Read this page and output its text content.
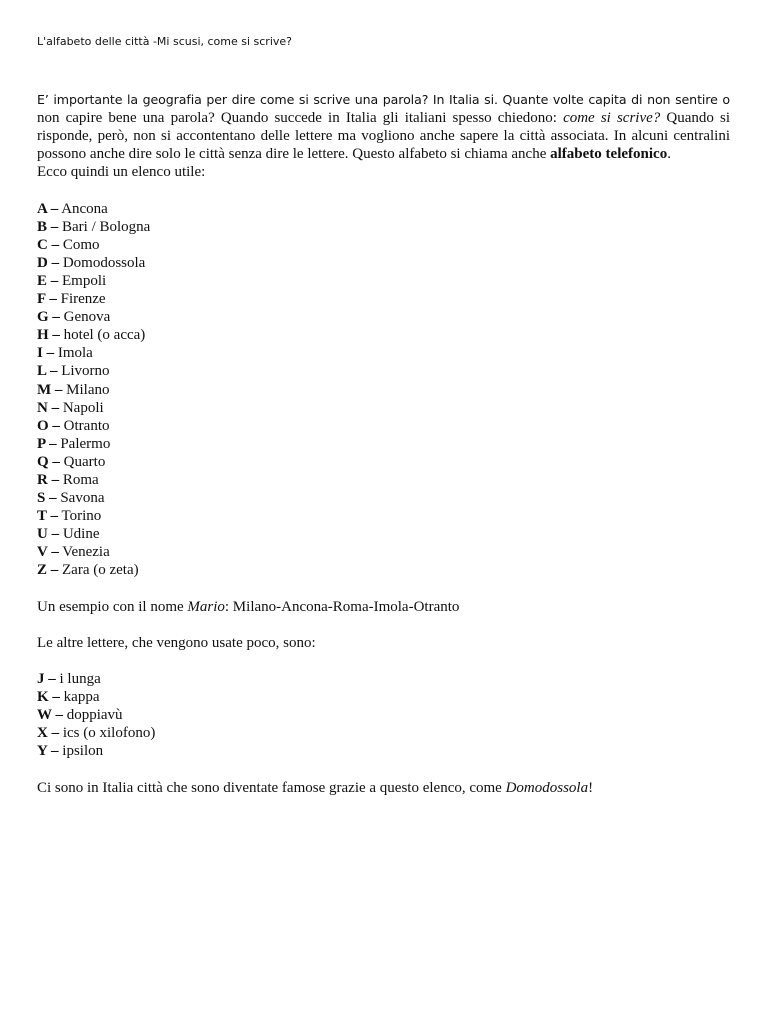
L'alfabeto delle città -Mi scusi, come si scrive?

E’ importante la geografia per dire come si scrive una parola? In Italia si. Quante volte capita di non sentire o non capire bene una parola? Quando succede in Italia gli italiani spesso chiedono: come si scrive? Quando si risponde, però, non si accontentano delle lettere ma vogliono anche sapere la città associata. In alcuni centralini possono anche dire solo le città senza dire le lettere. Questo alfabeto si chiama anche alfabeto telefonico.

Ecco quindi un elenco utile:

A – Ancona
B – Bari / Bologna
C – Como
D – Domodossola
E – Empoli
F – Firenze
G – Genova
H – hotel (o acca)
I – Imola
L – Livorno
M – Milano
N – Napoli
O – Otranto
P – Palermo
Q – Quarto
R – Roma
S – Savona
T – Torino
U – Udine
V – Venezia
Z – Zara (o zeta)

Un esempio con il nome Mario: Milano-Ancona-Roma-Imola-Otranto

Le altre lettere, che vengono usate poco, sono:

J – i lunga
K – kappa
W – doppiavù
X – ics (o xilofono)
Y – ipsilon

Ci sono in Italia città che sono diventate famose grazie a questo elenco, come Domodossola!
